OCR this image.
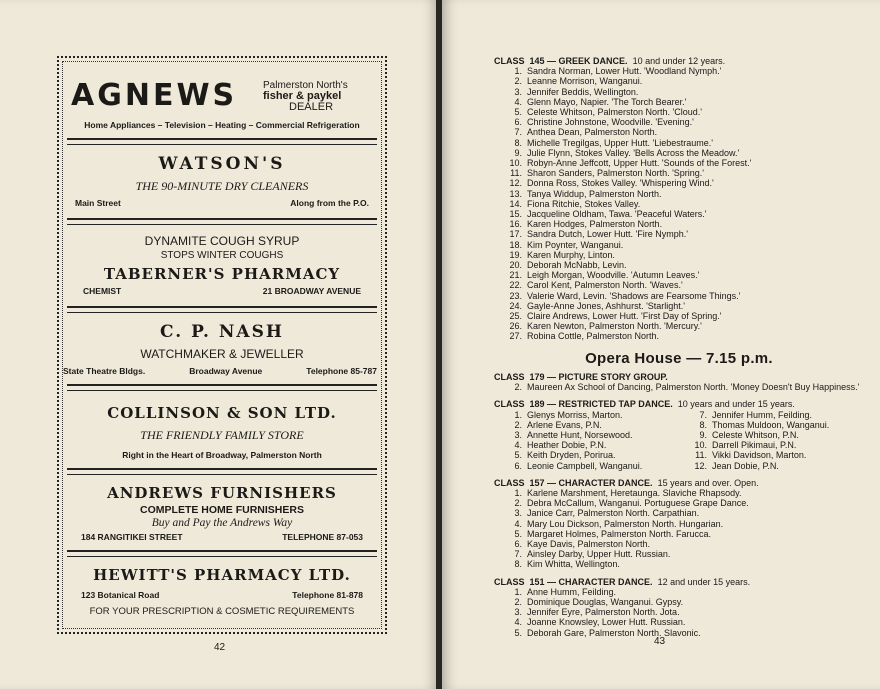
AGNEWS	Palmerston North's
fisher & paykel
DEALER
Home Appliances – Television – Heating – Commercial Refrigeration
WATSON'S
THE 90-MINUTE DRY CLEANERS
Main Street	Along from the P.O.
DYNAMITE COUGH SYRUP
STOPS WINTER COUGHS
TABERNER'S PHARMACY
CHEMIST	21 BROADWAY AVENUE
C. P. NASH
WATCHMAKER & JEWELLER
State Theatre Bldgs.	Broadway Avenue	Telephone 85-787
COLLINSON & SON LTD.
THE FRIENDLY FAMILY STORE
Right in the Heart of Broadway, Palmerston North
ANDREWS FURNISHERS
COMPLETE HOME FURNISHERS
Buy and Pay the Andrews Way
184 RANGITIKEI STREET	TELEPHONE 87-053
HEWITT'S PHARMACY LTD.
123 Botanical Road	Telephone 81-878
FOR YOUR PRESCRIPTION & COSMETIC REQUIREMENTS
42
CLASS 145 — GREEK DANCE. 10 and under 12 years.
1. Sandra Norman, Lower Hutt. 'Woodland Nymph.'
2. Leanne Morrison, Wanganui.
3. Jennifer Beddis, Wellington.
4. Glenn Mayo, Napier. 'The Torch Bearer.'
5. Celeste Whitson, Palmerston North. 'Cloud.'
6. Christine Johnstone, Woodville. 'Evening.'
7. Anthea Dean, Palmerston North.
8. Michelle Tregilgas, Upper Hutt. 'Liebestraume.'
9. Julie Flynn, Stokes Valley. 'Bells Across the Meadow.'
10. Robyn-Anne Jeffcott, Upper Hutt. 'Sounds of the Forest.'
11. Sharon Sanders, Palmerston North. 'Spring.'
12. Donna Ross, Stokes Valley. 'Whispering Wind.'
13. Tanya Widdup, Palmerston North.
14. Fiona Ritchie, Stokes Valley.
15. Jacqueline Oldham, Tawa. 'Peaceful Waters.'
16. Karen Hodges, Palmerston North.
17. Sandra Dutch, Lower Hutt. 'Fire Nymph.'
18. Kim Poynter, Wanganui.
19. Karen Murphy, Linton.
20. Deborah McNabb, Levin.
21. Leigh Morgan, Woodville. 'Autumn Leaves.'
22. Carol Kent, Palmerston North. 'Waves.'
23. Valerie Ward, Levin. 'Shadows are Fearsome Things.'
24. Gayle-Anne Jones, Ashhurst. 'Starlight.'
25. Claire Andrews, Lower Hutt. 'First Day of Spring.'
26. Karen Newton, Palmerston North. 'Mercury.'
27. Robina Cottle, Palmerston North.
Opera House — 7.15 p.m.
CLASS 179 — PICTURE STORY GROUP.
2. Maureen Ax School of Dancing, Palmerston North. 'Money Doesn't Buy Happiness.'
CLASS 189 — RESTRICTED TAP DANCE. 10 years and under 15 years.
1. Glenys Morriss, Marton.
2. Arlene Evans, P.N.
3. Annette Hunt, Norsewood.
4. Heather Dobie, P.N.
5. Keith Dryden, Porirua.
6. Leonie Campbell, Wanganui.
7. Jennifer Humm, Feilding.
8. Thomas Muldoon, Wanganui.
9. Celeste Whitson, P.N.
10. Darrell Pikimaui, P.N.
11. Vikki Davidson, Marton.
12. Jean Dobie, P.N.
CLASS 157 — CHARACTER DANCE. 15 years and over. Open.
1. Karlene Marshment, Heretaunga. Slaviche Rhapsody.
2. Debra McCallum, Wanganui. Portuguese Grape Dance.
3. Janice Carr, Palmerston North. Carpathian.
4. Mary Lou Dickson, Palmerston North. Hungarian.
5. Margaret Holmes, Palmerston North. Farucca.
6. Kaye Davis, Palmerston North.
7. Ainsley Darby, Upper Hutt. Russian.
8. Kim Whitta, Wellington.
CLASS 151 — CHARACTER DANCE. 12 and under 15 years.
1. Anne Humm, Feilding.
2. Dominique Douglas, Wanganui. Gypsy.
3. Jennifer Eyre, Palmerston North. Jota.
4. Joanne Knowsley, Lower Hutt. Russian.
5. Deborah Gare, Palmerston North. Slavonic.
43
